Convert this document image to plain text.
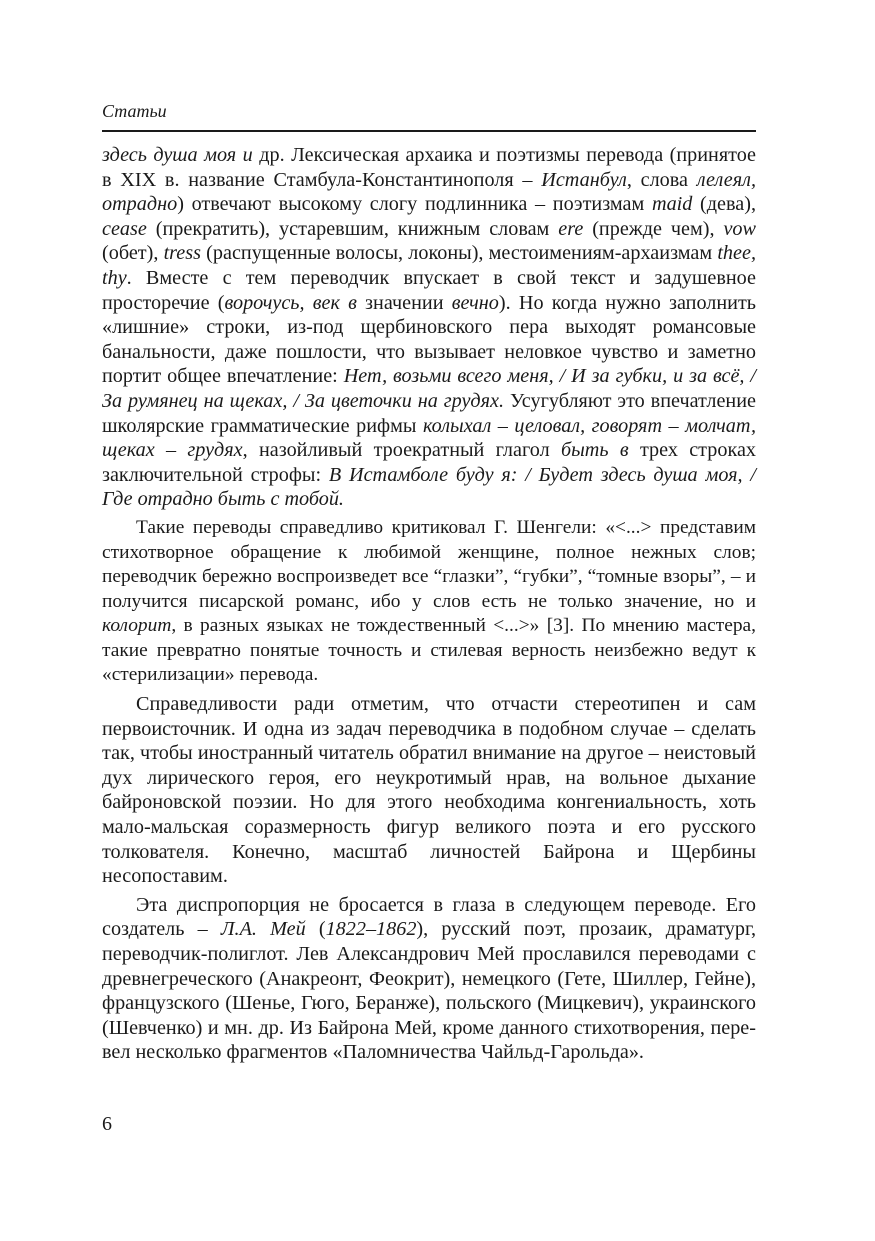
Статьи

здесь душа моя и др. Лексическая архаика и поэтизмы перевода (принятое в XIX в. название Стамбула-Константинополя – Истанбул, слова лелеял, отрадно) отвечают высокому слогу подлинника – поэтизмам maid (дева), cease (прекратить), устаревшим, книжным словам ere (прежде чем), vow (обет), tress (распущенные волосы, локоны), местоимениям-архаизмам thee, thy. Вместе с тем переводчик впускает в свой текст и задушевное просторечие (ворочусь, век в значении вечно). Но когда нужно заполнить «лишние» строки, из-под щербиновского пера выходят романсовые банальности, даже пошлости, что вызывает неловкое чувство и заметно портит общее впечатление: Нет, возьми всего меня, / И за губки, и за всё, / За румянец на щеках, / За цветочки на грудях. Усугубляют это впечатление школярские грамматические рифмы колыхал – целовал, говорят – молчат, щеках – грудях, назойливый троекратный глагол быть в трех строках заключительной строфы: В Истамболе буду я: / Будет здесь душа моя, / Где отрадно быть с тобой.

Такие переводы справедливо критиковал Г. Шенгели: «<...> представим стихотворное обращение к любимой женщине, полное нежных слов; переводчик бережно воспроизведет все “глазки”, “губки”, “томные взоры”, – и получится писарской романс, ибо у слов есть не только значение, но и колорит, в разных языках не тождественный <...>» [3]. По мнению мастера, такие превратно понятые точность и стилевая верность неизбежно ведут к «стерилизации» перевода.

Справедливости ради отметим, что отчасти стереотипен и сам первоисточник. И одна из задач переводчика в подобном случае – сделать так, чтобы иностранный читатель обратил внимание на другое – неистовый дух лирического героя, его неукротимый нрав, на вольное дыхание байроновской поэзии. Но для этого необходима конгениальность, хоть мало-мальская соразмерность фигур великого поэта и его русского толкователя. Конечно, масштаб личностей Байрона и Щербины несопоставим.

Эта диспропорция не бросается в глаза в следующем переводе. Его создатель – Л.А. Мей (1822–1862), русский поэт, прозаик, драматург, переводчик-полиглот. Лев Александрович Мей прославился переводами с древнегреческого (Анакреонт, Феокрит), немецкого (Гете, Шиллер, Гейне), французского (Шенье, Гюго, Беранже), польского (Мицкевич), украинского (Шевченко) и мн. др. Из Байрона Мей, кроме данного стихотворения, перевел несколько фрагментов «Паломничества Чайльд-Гарольда».

6
